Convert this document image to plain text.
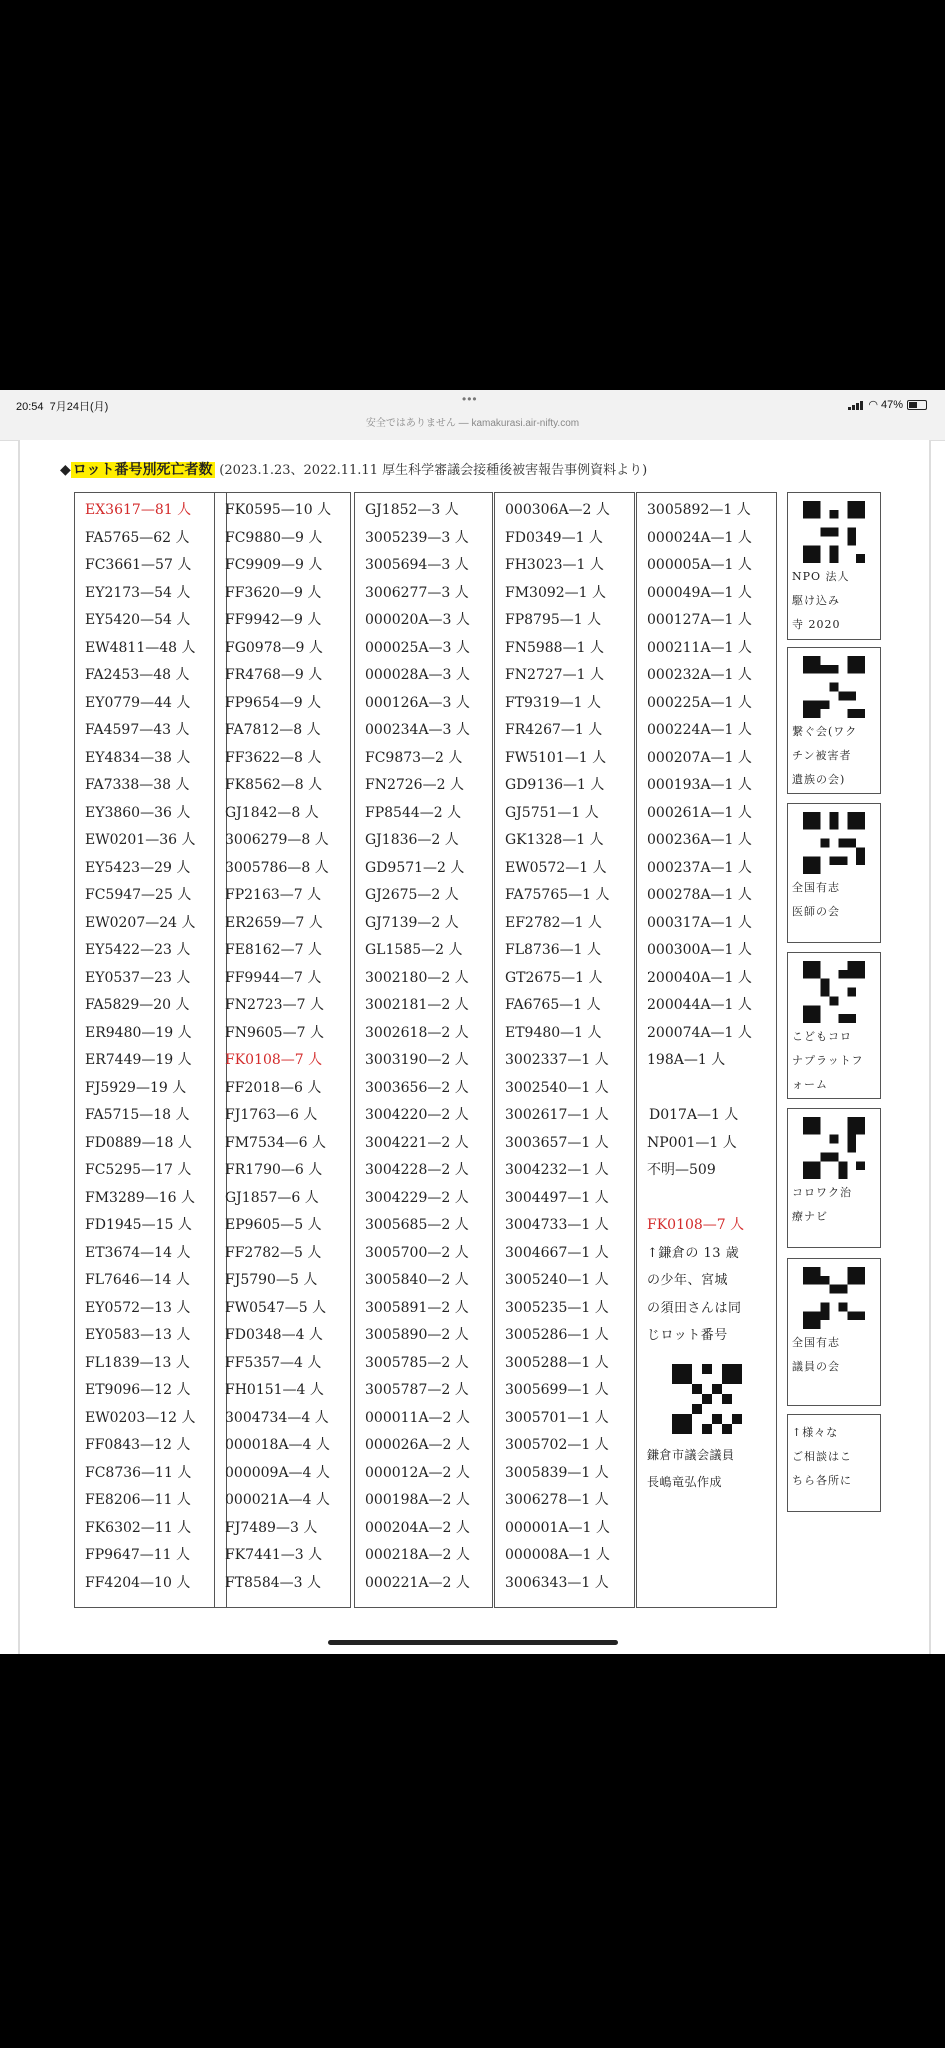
20:54 7月24日(月)
•••
安全ではありません — kamakurasi.air-nifty.com
◠ 47%
◆ ロット番号別死亡者数 (2023.1.23、2022.11.11 厚生科学審議会接種後被害報告事例資料より)
EX3617—81 人
FA5765—62 人
FC3661—57 人
EY2173—54 人
EY5420—54 人
EW4811—48 人
FA2453—48 人
EY0779—44 人
FA4597—43 人
EY4834—38 人
FA7338—38 人
EY3860—36 人
EW0201—36 人
EY5423—29 人
FC5947—25 人
EW0207—24 人
EY5422—23 人
EY0537—23 人
FA5829—20 人
ER9480—19 人
ER7449—19 人
FJ5929—19 人
FA5715—18 人
FD0889—18 人
FC5295—17 人
FM3289—16 人
FD1945—15 人
ET3674—14 人
FL7646—14 人
EY0572—13 人
EY0583—13 人
FL1839—13 人
ET9096—12 人
EW0203—12 人
FF0843—12 人
FC8736—11 人
FE8206—11 人
FK6302—11 人
FP9647—11 人
FF4204—10 人
FK0595—10 人
FC9880—9 人
FC9909—9 人
FF3620—9 人
FF9942—9 人
FG0978—9 人
FR4768—9 人
FP9654—9 人
FA7812—8 人
FF3622—8 人
FK8562—8 人
GJ1842—8 人
3006279—8 人
3005786—8 人
FP2163—7 人
ER2659—7 人
FE8162—7 人
FF9944—7 人
FN2723—7 人
FN9605—7 人
FK0108—7 人
FF2018—6 人
FJ1763—6 人
FM7534—6 人
FR1790—6 人
GJ1857—6 人
EP9605—5 人
FF2782—5 人
FJ5790—5 人
FW0547—5 人
FD0348—4 人
FF5357—4 人
FH0151—4 人
3004734—4 人
000018A—4 人
000009A—4 人
000021A—4 人
FJ7489—3 人
FK7441—3 人
FT8584—3 人
GJ1852—3 人
3005239—3 人
3005694—3 人
3006277—3 人
000020A—3 人
000025A—3 人
000028A—3 人
000126A—3 人
000234A—3 人
FC9873—2 人
FN2726—2 人
FP8544—2 人
GJ1836—2 人
GD9571—2 人
GJ2675—2 人
GJ7139—2 人
GL1585—2 人
3002180—2 人
3002181—2 人
3002618—2 人
3003190—2 人
3003656—2 人
3004220—2 人
3004221—2 人
3004228—2 人
3004229—2 人
3005685—2 人
3005700—2 人
3005840—2 人
3005891—2 人
3005890—2 人
3005785—2 人
3005787—2 人
000011A—2 人
000026A—2 人
000012A—2 人
000198A—2 人
000204A—2 人
000218A—2 人
000221A—2 人
000306A—2 人
FD0349—1 人
FH3023—1 人
FM3092—1 人
FP8795—1 人
FN5988—1 人
FN2727—1 人
FT9319—1 人
FR4267—1 人
FW5101—1 人
GD9136—1 人
GJ5751—1 人
GK1328—1 人
EW0572—1 人
FA75765—1 人
EF2782—1 人
FL8736—1 人
GT2675—1 人
FA6765—1 人
ET9480—1 人
3002337—1 人
3002540—1 人
3002617—1 人
3003657—1 人
3004232—1 人
3004497—1 人
3004733—1 人
3004667—1 人
3005240—1 人
3005235—1 人
3005286—1 人
3005288—1 人
3005699—1 人
3005701—1 人
3005702—1 人
3005839—1 人
3006278—1 人
000001A—1 人
000008A—1 人
3006343—1 人
3005892—1 人
000024A—1 人
000005A—1 人
000049A—1 人
000127A—1 人
000211A—1 人
000232A—1 人
000225A—1 人
000224A—1 人
000207A—1 人
000193A—1 人
000261A—1 人
000236A—1 人
000237A—1 人
000278A—1 人
000317A—1 人
000300A—1 人
200040A—1 人
200044A—1 人
200074A—1 人
198A—1 人
D017A—1 人
NP001—1 人
不明—509
FK0108—7 人
↑鎌倉の 13 歳
の少年、宮城
の須田さんは同
じロット番号
鎌倉市議会議員
長嶋竜弘作成
NPO 法人
駆け込み
寺 2020
繋ぐ会(ワク
チン被害者
遺族の会)
全国有志
医師の会
こどもコロ
ナプラットフ
ォーム
コロワク治
療ナビ
全国有志
議員の会
↑様々な
ご相談はこ
ちら各所に
